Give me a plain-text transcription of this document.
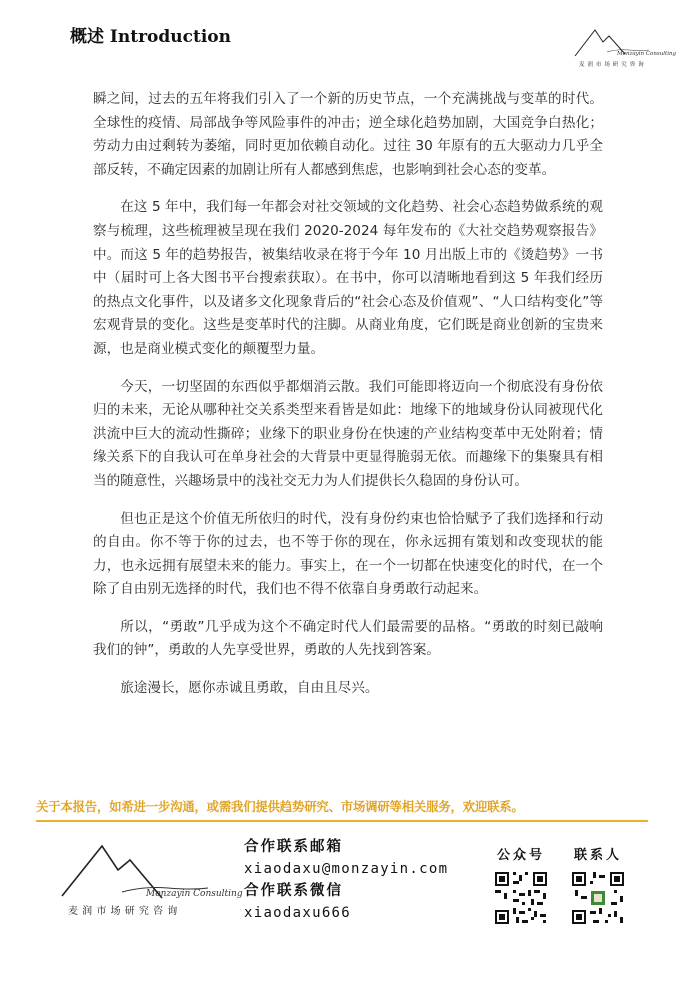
概述 Introduction
Monzayin Consulting
麦 润 市 场 研 究 咨 询

瞬之间，过去的五年将我们引入了一个新的历史节点，一个充满挑战与变革的时代。全球性的疫情、局部战争等风险事件的冲击；逆全球化趋势加剧，大国竞争白热化；劳动力由过剩转为萎缩，同时更加依赖自动化。过往 30 年原有的五大驱动力几乎全部反转，不确定因素的加剧让所有人都感到焦虑，也影响到社会心态的变革。

在这 5 年中，我们每一年都会对社交领域的文化趋势、社会心态趋势做系统的观察与梳理，这些梳理被呈现在我们 2020-2024 每年发布的《大社交趋势观察报告》中。而这 5 年的趋势报告，被集结收录在将于今年 10 月出版上市的《烫趋势》一书中（届时可上各大图书平台搜索获取）。在书中，你可以清晰地看到这 5 年我们经历的热点文化事件，以及诸多文化现象背后的“社会心态及价值观”、“人口结构变化”等宏观背景的变化。这些是变革时代的注脚。从商业角度，它们既是商业创新的宝贵来源，也是商业模式变化的颠覆型力量。

今天，一切坚固的东西似乎都烟消云散。我们可能即将迈向一个彻底没有身份依归的未来，无论从哪种社交关系类型来看皆是如此：地缘下的地域身份认同被现代化洪流中巨大的流动性撕碎；业缘下的职业身份在快速的产业结构变革中无处附着；情缘关系下的自我认可在单身社会的大背景中更显得脆弱无依。而趣缘下的集聚具有相当的随意性，兴趣场景中的浅社交无力为人们提供长久稳固的身份认可。

但也正是这个价值无所依归的时代，没有身份约束也恰恰赋予了我们选择和行动的自由。你不等于你的过去，也不等于你的现在，你永远拥有策划和改变现状的能力，也永远拥有展望未来的能力。事实上，在一个一切都在快速变化的时代，在一个除了自由别无选择的时代，我们也不得不依靠自身勇敢行动起来。

所以，“勇敢”几乎成为这个不确定时代人们最需要的品格。“勇敢的时刻已敲响我们的钟”，勇敢的人先享受世界，勇敢的人先找到答案。

旅途漫长，愿你赤诚且勇敢，自由且尽兴。

关于本报告，如希进一步沟通，或需我们提供趋势研究、市场调研等相关服务，欢迎联系。
Monzayin Consulting
麦 润 市 场 研 究 咨 询
合作联系邮箱
xiaodaxu@monzayin.com
合作联系微信
xiaodaxu666
公众号	联系人
